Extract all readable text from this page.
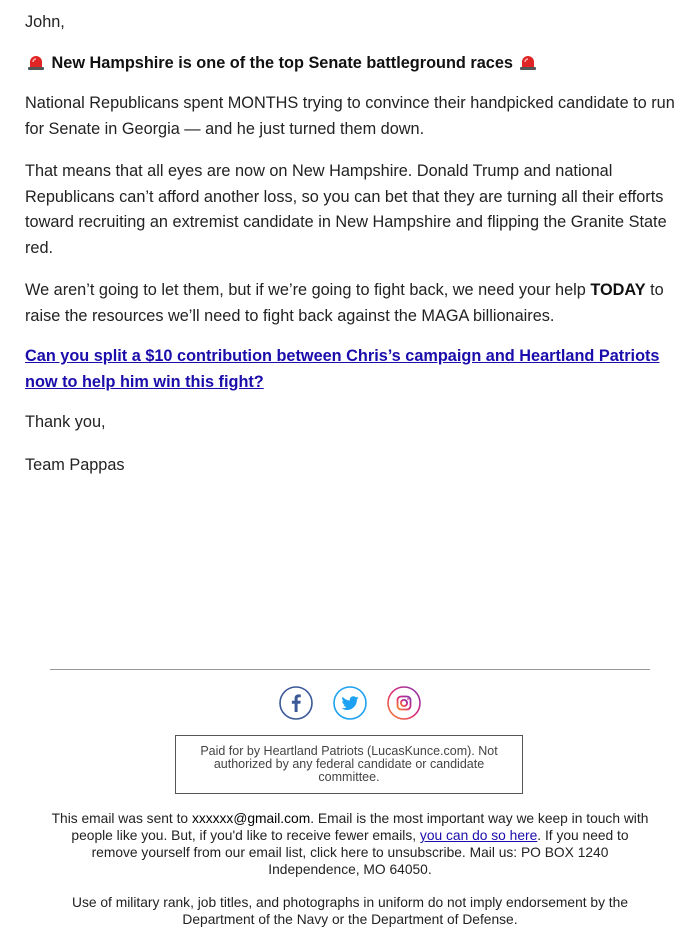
John,

New Hampshire is one of the top Senate battleground races

National Republicans spent MONTHS trying to convince their handpicked candidate to run for Senate in Georgia — and he just turned them down.

That means that all eyes are now on New Hampshire. Donald Trump and national Republicans can’t afford another loss, so you can bet that they are turning all their efforts toward recruiting an extremist candidate in New Hampshire and flipping the Granite State red.

We aren’t going to let them, but if we’re going to fight back, we need your help TODAY to raise the resources we’ll need to fight back against the MAGA billionaires.

Can you split a $10 contribution between Chris’s campaign and Heartland Patriots now to help him win this fight?

Thank you,

Team Pappas

Paid for by Heartland Patriots (LucasKunce.com). Not authorized by any federal candidate or candidate committee.
This email was sent to xxxxxx@gmail.com. Email is the most important way we keep in touch with people like you. But, if you'd like to receive fewer emails, you can do so here. If you need to remove yourself from our email list, click here to unsubscribe. Mail us: PO BOX 1240 Independence, MO 64050.
Use of military rank, job titles, and photographs in uniform do not imply endorsement by the Department of the Navy or the Department of Defense.
